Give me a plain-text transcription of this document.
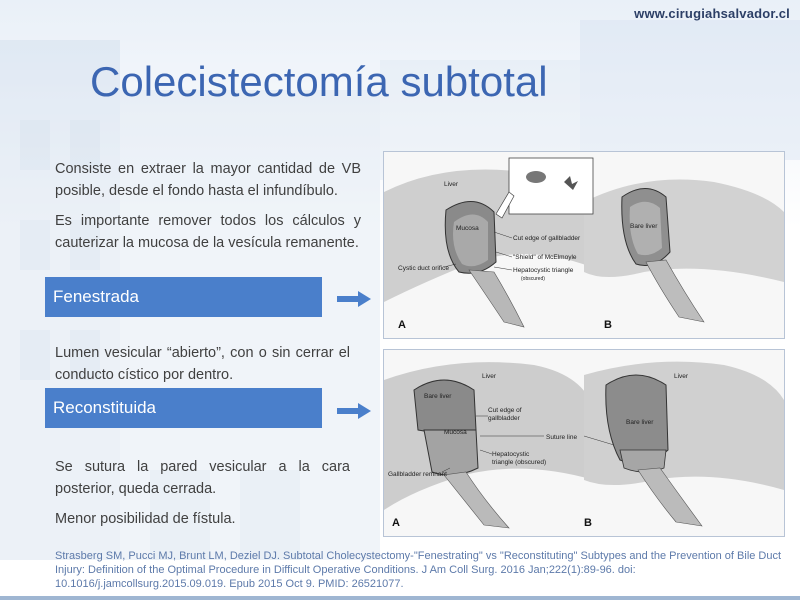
www.cirugiahsalvador.cl
Colecistectomía subtotal
Consiste en extraer la mayor cantidad de VB posible, desde el fondo hasta el infundíbulo.
Es importante remover todos los cálculos y cauterizar la mucosa de la vesícula remanente.
Fenestrada
Lumen vesicular “abierto”, con o sin cerrar el conducto cístico por dentro.
Reconstituida
Se sutura la pared vesicular a la cara posterior, queda cerrada.
Menor posibilidad de fístula.
Liver
Mucosa
Cut edge of gallbladder
"Shield" of McElmoyle
Hepatocystic triangle
(obscured)
Cystic duct orifice
Bare liver
A	B
Liver	Liver
Bare liver
Bare liver
Cut edge of
gallbladder
Mucosa
Suture line
Hepatocystic
triangle (obscured)
Gallbladder remnant
A	B
Strasberg SM, Pucci MJ, Brunt LM, Deziel DJ. Subtotal Cholecystectomy-"Fenestrating" vs "Reconstituting" Subtypes and the Prevention of Bile Duct Injury: Definition of the Optimal Procedure in Difficult Operative Conditions. J Am Coll Surg. 2016 Jan;222(1):89-96. doi: 10.1016/j.jamcollsurg.2015.09.019. Epub 2015 Oct 9. PMID: 26521077.
